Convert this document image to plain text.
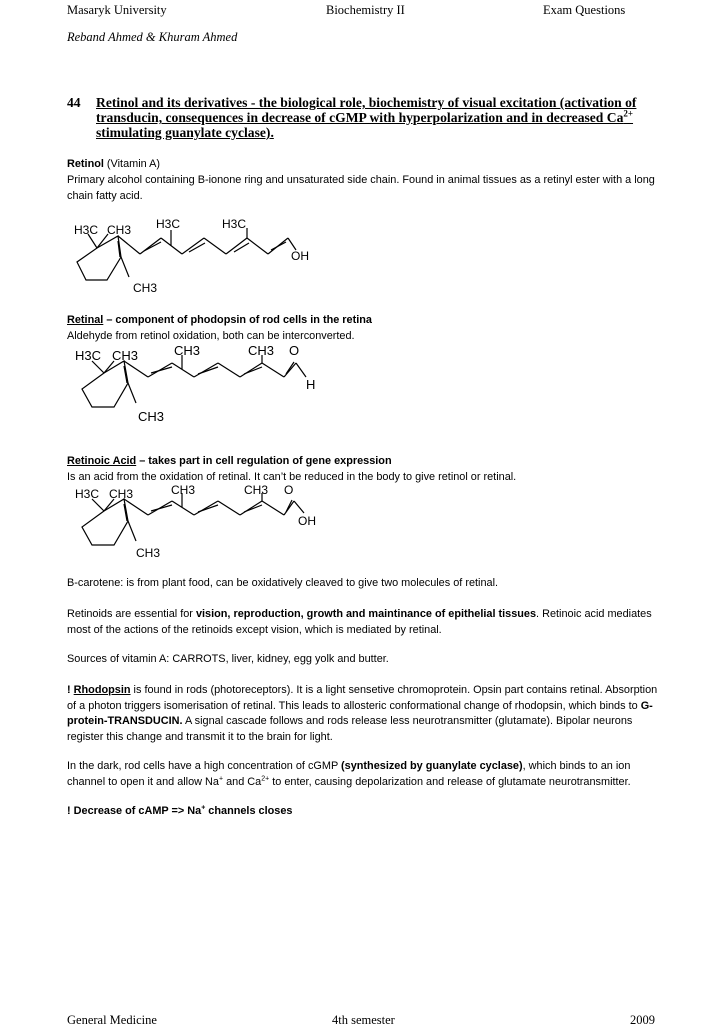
Masaryk University	Biochemistry II	Exam Questions
Reband Ahmed & Khuram Ahmed
44 Retinol and its derivatives - the biological role, biochemistry of visual excitation (activation of transducin, consequences in decrease of cGMP with hyperpolarization and in decreased $Ca^{2+}$ stimulating guanylate cyclase).
Retinol (Vitamin A)
Primary alcohol containing B-ionone ring and unsaturated side chain. Found in animal tissues as a retinyl ester with a long chain fatty acid.
H3C CH3 H3C	H3C
OH
CH3
Retinal – component of phodopsin of rod cells in the retina
Aldehyde from retinol oxidation, both can be interconverted.
H3C CH3	CH3	CH3 O
H
CH3
Retinoic Acid – takes part in cell regulation of gene expression
Is an acid from the oxidation of retinal. It can’t be reduced in the body to give retinol or retinal.
H3C CH3	CH3	CH3 O
OH
CH3
B-carotene: is from plant food, can be oxidatively cleaved to give two molecules of retinal.
Retinoids are essential for vision, reproduction, growth and maintinance of epithelial tissues. Retinoic acid mediates most of the actions of the retinoids except vision, which is mediated by retinal.
Sources of vitamin A: CARROTS, liver, kidney, egg yolk and butter.
! Rhodopsin is found in rods (photoreceptors). It is a light sensetive chromoprotein. Opsin part contains retinal. Absorption of a photon triggers isomerisation of retinal. This leads to allosteric conformational change of rhodopsin, which binds to G-protein-TRANSDUCIN. A signal cascade follows and rods release less neurotransmitter (glutamate). Bipolar neurons register this change and transmit it to the brain for light.
In the dark, rod cells have a high concentration of cGMP (synthesized by guanylate cyclase), which binds to an ion channel to open it and allow Na+ and $Ca^{2+}$ to enter, causing depolarization and release of glutamate neurotransmitter.
! Decrease of cAMP => Na+ channels closes
General Medicine	4th semester	2009
